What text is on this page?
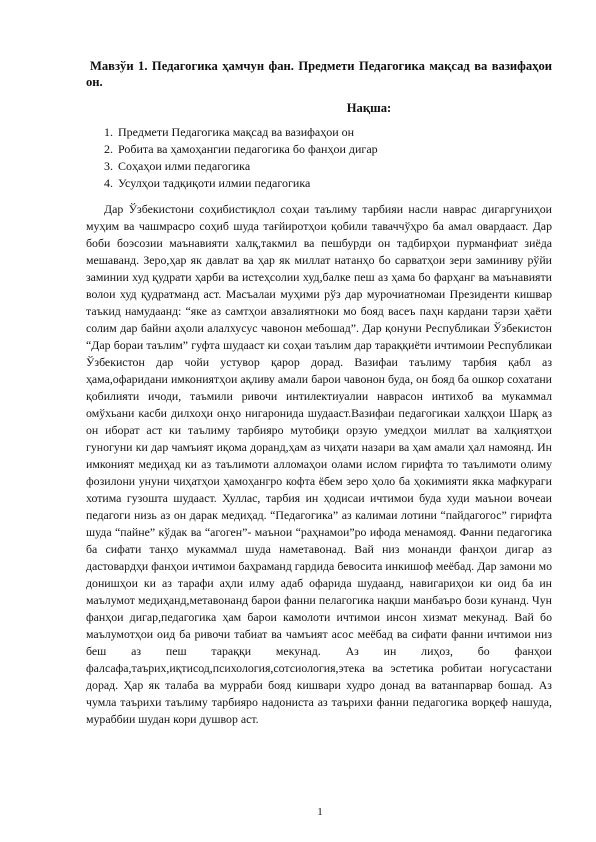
Мавзўи 1. Педагогика ҳамчун фан. Предмети Педагогика мақсад ва вазифаҳои он.

Нақша:

1. Предмети Педагогика мақсад ва вазифаҳои он
2. Робита ва ҳамоҳангии педагогика бо фанҳои дигар
3. Соҳаҳои илми педагогика
4. Усулҳои тадқиқоти илмии педагогика

Дар Ўзбекистони соҳибистиқлол соҳаи таълиму тарбияи насли наврас дигаргуниҳои муҳим ва чашмрасро соҳиб шуда тағйиротҳои қобили таваччўҳро ба амал овардааст. Дар боби боэсозии маънавияти халқ,такмил ва пешбурди он тадбирҳои пурманфиат зиёда мешаванд. Зеро,ҳар як давлат ва ҳар як миллат натанҳо бо сарватҳои зери заминиву рўйи заминии худ қудрати ҳарби ва истеҳсолии худ,балке пеш аз ҳама бо фарҳанг ва маънавияти волои худ қудратманд аст. Масъалаи муҳими рўз дар мурочиатномаи Президенти кишвар таъкид намудаанд: “яке аз самтҳои авзалиятноки мо бояд васеъ паҳн кардани тарзи ҳаёти солим дар байни аҳоли алалхусус чавонон мебошад”. Дар қонуни Республикаи Ўзбекистон “Дар бораи таълим” гуфта шудааст ки соҳаи таълим дар тараққиёти ичтимоии Республикаи Ўзбекистон дар чойи устувор қарор дорад. Вазифаи таълиму тарбия қабл аз ҳама,офаридани имкониятҳои ақливу амали барои чавонон буда, он бояд ба ошкор сохатани қобилияти ичоди, таъмили ривочи интилектиуалии наврасон интихоб ва мукаммал омўхьани касби дилхоҳи онҳо нигаронида шудааст.Вазифаи педагогикаи халқҳои Шарқ аз он иборат аст ки таълиму тарбияро мутобиқи орзую умедҳои миллат ва халқиятҳои гуногуни ки дар чамъият иқома доранд,ҳам аз чиҳати назари ва ҳам амали ҳал намоянд. Ин имконият медиҳад ки аз таълимоти алломаҳои олами ислом гирифта то таълимоти олиму фозилони унуни чиҳатҳои ҳамоҳангро кофта ёбем зеро ҳоло ба ҳокимияти якка мафкураги хотима гузошта шудааст. Хуллас, тарбия ин ҳодисаи ичтимои буда худи маънои вочеаи педагоги низь аз он дарак медиҳад. “Педагогика” аз калимаи лотини “пайдагогос” гирифта шуда “пайне” кўдак ва “агоген”- маънои “раҳнамои”ро ифода менамояд. Фанни педагогика ба сифати танҳо мукаммал шуда наметавонад. Вай низ монанди фанҳои дигар аз дастовардҳи фанҳои ичтимои баҳраманд гардида бевосита инкишоф меёбад. Дар замони мо донишҳои ки аз тарафи аҳли илму адаб офарида шудаанд, навигариҳои ки оид ба ин маълумот медиҳанд,метавонанд барои фанни пелагогика нақши манбаъро бози кунанд. Чун фанҳои дигар,педагогика ҳам барои камолоти ичтимои инсон хизмат мекунад. Вай бо маълумотҳои оид ба ривочи табиат ва чамъият асос меёбад ва сифати фанни ичтимои низ беш аз пеш тараққи мекунад. Аз ин лиҳоз, бо фанҳои фалсафа,таърих,иқтисод,психология,сотсиология,этека ва эстетика робитаи ногусастани дорад. Ҳар як талаба ва мурраби бояд кишвари худро донад ва ватанпарвар бошад. Аз чумла таърихи таълиму тарбияро надониста аз таърихи фанни педагогика ворқеф нашуда, мураббии шудан кори душвор аст.

1
